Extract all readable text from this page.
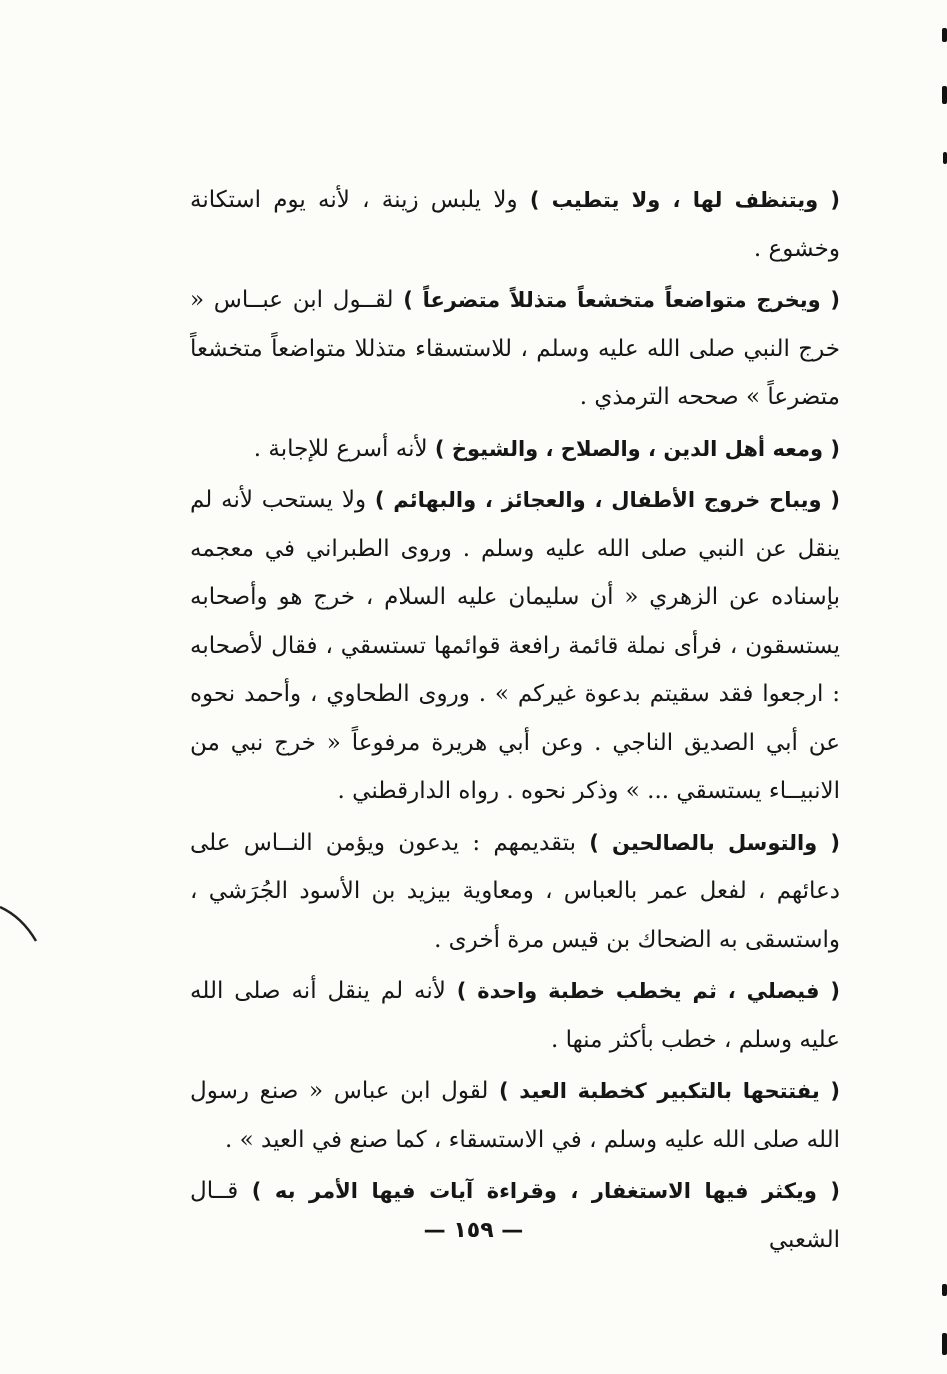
( ويتنظف لها ، ولا يتطيب ) ولا يلبس زينة ، لأنه يوم استكانة وخشوع .

( ويخرج متواضعاً متخشعاً متذللاً متضرعاً ) لقــول ابن عبــاس « خرج النبي صلى الله عليه وسلم ، للاستسقاء متذللا متواضعاً متخشعاً متضرعاً » صححه الترمذي .

( ومعه أهل الدين ، والصلاح ، والشيوخ ) لأنه أسرع للإجابة .

( ويباح خروج الأطفال ، والعجائز ، والبهائم ) ولا يستحب لأنه لم ينقل عن النبي صلى الله عليه وسلم . وروى الطبراني في معجمه بإسناده عن الزهري « أن سليمان عليه السلام ، خرج هو وأصحابه يستسقون ، فرأى نملة قائمة رافعة قوائمها تستسقي ، فقال لأصحابه : ارجعوا فقد سقيتم بدعوة غيركم » . وروى الطحاوي ، وأحمد نحوه عن أبي الصديق الناجي . وعن أبي هريرة مرفوعاً « خرج نبي من الانبيــاء يستسقي ... » وذكر نحوه . رواه الدارقطني .

( والتوسل بالصالحين ) بتقديمهم : يدعون ويؤمن النــاس على دعائهم ، لفعل عمر بالعباس ، ومعاوية بيزيد بن الأسود الجُرَشي ، واستسقى به الضحاك بن قيس مرة أخرى .

( فيصلي ، ثم يخطب خطبة واحدة ) لأنه لم ينقل أنه صلى الله عليه وسلم ، خطب بأكثر منها .

( يفتتحها بالتكبير كخطبة العيد ) لقول ابن عباس « صنع رسول الله صلى الله عليه وسلم ، في الاستسقاء ، كما صنع في العيد » .

( ويكثر فيها الاستغفار ، وقراءة آيات فيها الأمر به ) قــال الشعبي

— ١٥٩ —
